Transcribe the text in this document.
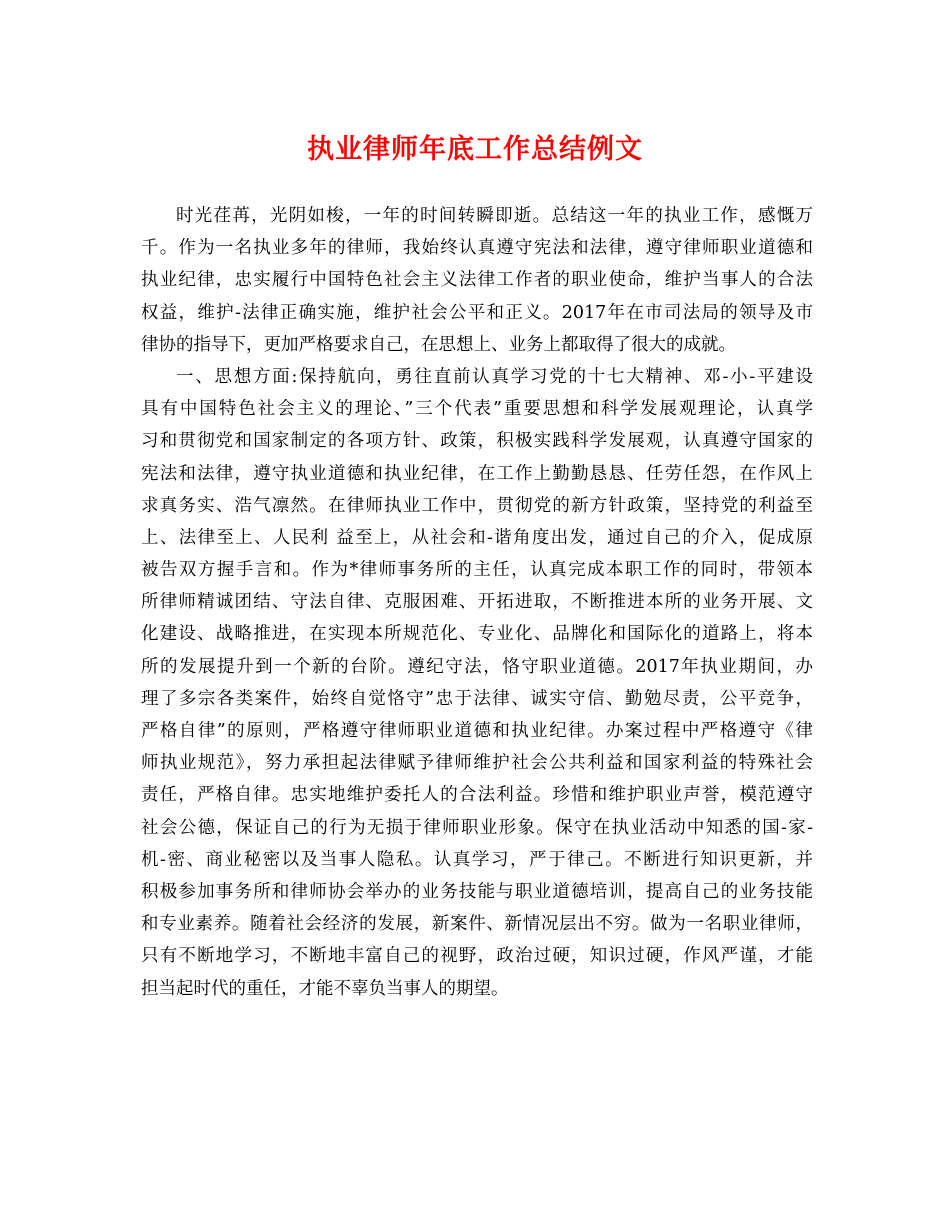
执业律师年底工作总结例文
时光荏苒，光阴如梭，一年的时间转瞬即逝。总结这一年的执业工作，感慨万
千。作为一名执业多年的律师，我始终认真遵守宪法和法律，遵守律师职业道德和
执业纪律，忠实履行中国特色社会主义法律工作者的职业使命，维护当事人的合法
权益，维护-法律正确实施，维护社会公平和正义。2017年在市司法局的领导及市
律协的指导下，更加严格要求自己，在思想上、业务上都取得了很大的成就。
一、思想方面:保持航向，勇往直前认真学习党的十七大精神、邓-小-平建设
具有中国特色社会主义的理论、”三个代表”重要思想和科学发展观理论，认真学
习和贯彻党和国家制定的各项方针、政策，积极实践科学发展观，认真遵守国家的
宪法和法律，遵守执业道德和执业纪律，在工作上勤勤恳恳、任劳任怨，在作风上
求真务实、浩气凛然。在律师执业工作中，贯彻党的新方针政策，坚持党的利益至
上、法律至上、人民利 益至上，从社会和-谐角度出发，通过自己的介入，促成原
被告双方握手言和。作为*律师事务所的主任，认真完成本职工作的同时，带领本
所律师精诚团结、守法自律、克服困难、开拓进取，不断推进本所的业务开展、文
化建设、战略推进，在实现本所规范化、专业化、品牌化和国际化的道路上，将本
所的发展提升到一个新的台阶。遵纪守法，恪守职业道德。2017年执业期间，办
理了多宗各类案件，始终自觉恪守”忠于法律、诚实守信、勤勉尽责，公平竞争，
严格自律”的原则，严格遵守律师职业道德和执业纪律。办案过程中严格遵守《律
师执业规范》，努力承担起法律赋予律师维护社会公共利益和国家利益的特殊社会
责任，严格自律。忠实地维护委托人的合法利益。珍惜和维护职业声誉，模范遵守
社会公德，保证自己的行为无损于律师职业形象。保守在执业活动中知悉的国-家-
机-密、商业秘密以及当事人隐私。认真学习，严于律己。不断进行知识更新，并
积极参加事务所和律师协会举办的业务技能与职业道德培训，提高自己的业务技能
和专业素养。随着社会经济的发展，新案件、新情况层出不穷。做为一名职业律师，
只有不断地学习，不断地丰富自己的视野，政治过硬，知识过硬，作风严谨，才能
担当起时代的重任，才能不辜负当事人的期望。
